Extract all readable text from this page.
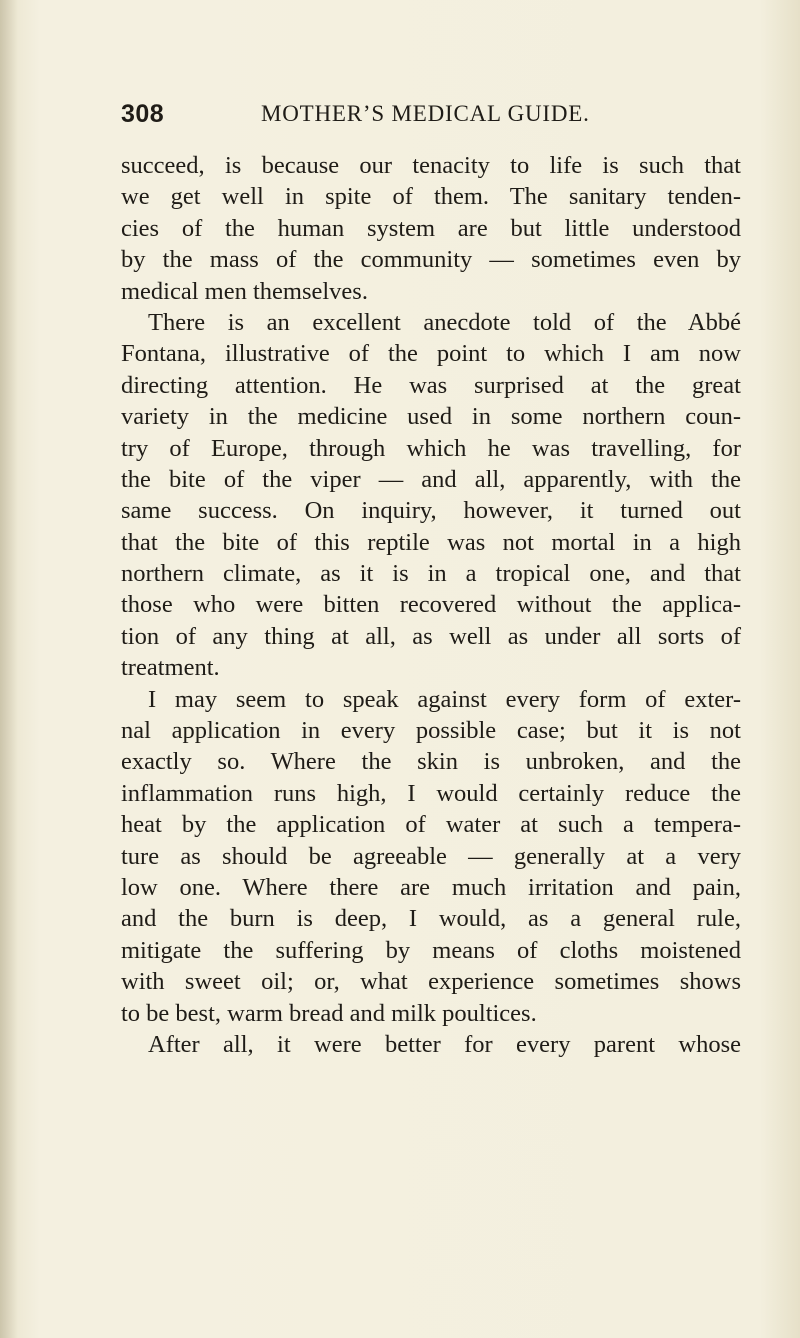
308	MOTHER’S MEDICAL GUIDE.
succeed, is because our tenacity to life is such that
we get well in spite of them. The sanitary tenden-
cies of the human system are but little understood
by the mass of the community — sometimes even by
medical men themselves.
There is an excellent anecdote told of the Abbé
Fontana, illustrative of the point to which I am now
directing attention. He was surprised at the great
variety in the medicine used in some northern coun-
try of Europe, through which he was travelling, for
the bite of the viper — and all, apparently, with the
same success. On inquiry, however, it turned out
that the bite of this reptile was not mortal in a high
northern climate, as it is in a tropical one, and that
those who were bitten recovered without the applica-
tion of any thing at all, as well as under all sorts of
treatment.
I may seem to speak against every form of exter-
nal application in every possible case; but it is not
exactly so. Where the skin is unbroken, and the
inflammation runs high, I would certainly reduce the
heat by the application of water at such a tempera-
ture as should be agreeable — generally at a very
low one. Where there are much irritation and pain,
and the burn is deep, I would, as a general rule,
mitigate the suffering by means of cloths moistened
with sweet oil; or, what experience sometimes shows
to be best, warm bread and milk poultices.
After all, it were better for every parent whose
